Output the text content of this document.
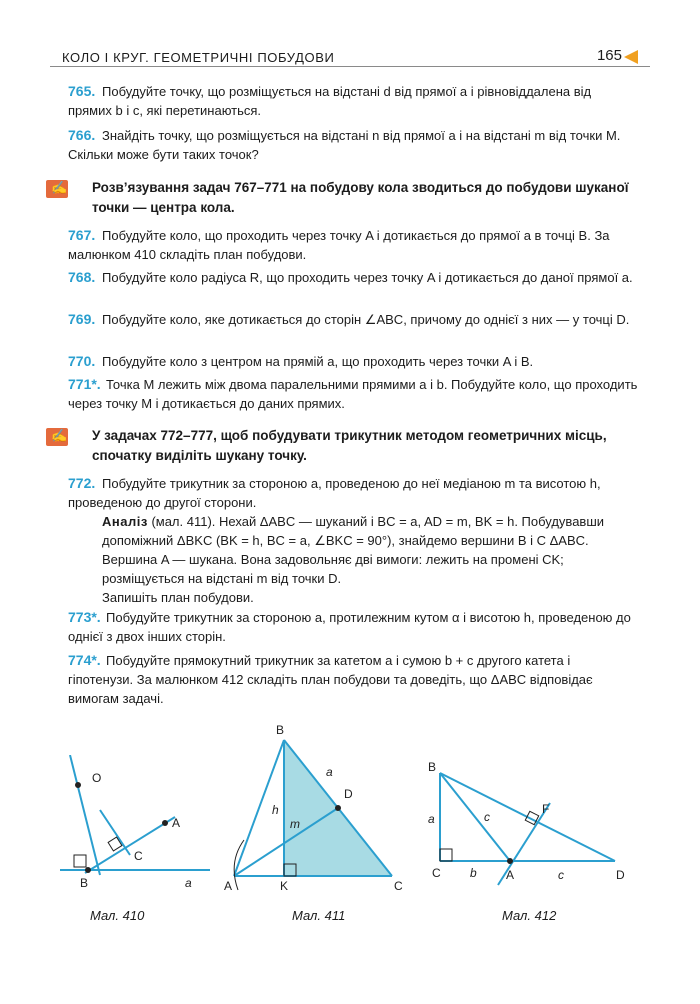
КОЛО І КРУГ. ГЕОМЕТРИЧНІ ПОБУДОВИ	165
765. Побудуйте точку, що розміщується на відстані d від прямої a і рівновіддалена від прямих b і c, які перетинаються.
766. Знайдіть точку, що розміщується на відстані n від прямої a і на відстані m від точки M. Скільки може бути таких точок?
✍ Розв’язування задач 767–771 на побудову кола зводиться до побудови шуканої точки — центра кола.
767. Побудуйте коло, що проходить через точку A і дотикається до прямої a в точці B. За малюнком 410 складіть план побудови.
768. Побудуйте коло радіуса R, що проходить через точку A і дотикається до даної прямої a.
769. Побудуйте коло, яке дотикається до сторін ∠ABC, причому до однієї з них — у точці D.
770. Побудуйте коло з центром на прямій a, що проходить через точки A і B.
771*. Точка M лежить між двома паралельними прямими a і b. Побудуйте коло, що проходить через точку M і дотикається до даних прямих.
✍ У задачах 772–777, щоб побудувати трикутник методом геометричних місць, спочатку виділіть шукану точку.
772. Побудуйте трикутник за стороною a, проведеною до неї медіаною m та висотою h, проведеною до другої сторони.

Аналіз (мал. 411). Нехай ΔABC — шуканий і BC = a, AD = m, BK = h. Побудувавши допоміжний ΔBKC (BK = h, BC = a, ∠BKC = 90°), знайдемо вершини B і C ΔABC. Вершина A — шукана. Вона задовольняє дві вимоги: лежить на промені CK; розміщується на відстані m від точки D.

Запишіть план побудови.

773*. Побудуйте трикутник за стороною a, протилежним кутом α і висотою h, проведеною до однієї з двох інших сторін.
774*. Побудуйте прямокутний трикутник за катетом a і сумою b + c другого катета і гіпотенузи. За малюнком 412 складіть план побудови та доведіть, що ΔABC відповідає вимогам задачі.
O
A
C
B	a
Мал. 410
B
a
D
h
m
A	K	C
Мал. 411
B
a	c
F
C b A	c	D
Мал. 412
